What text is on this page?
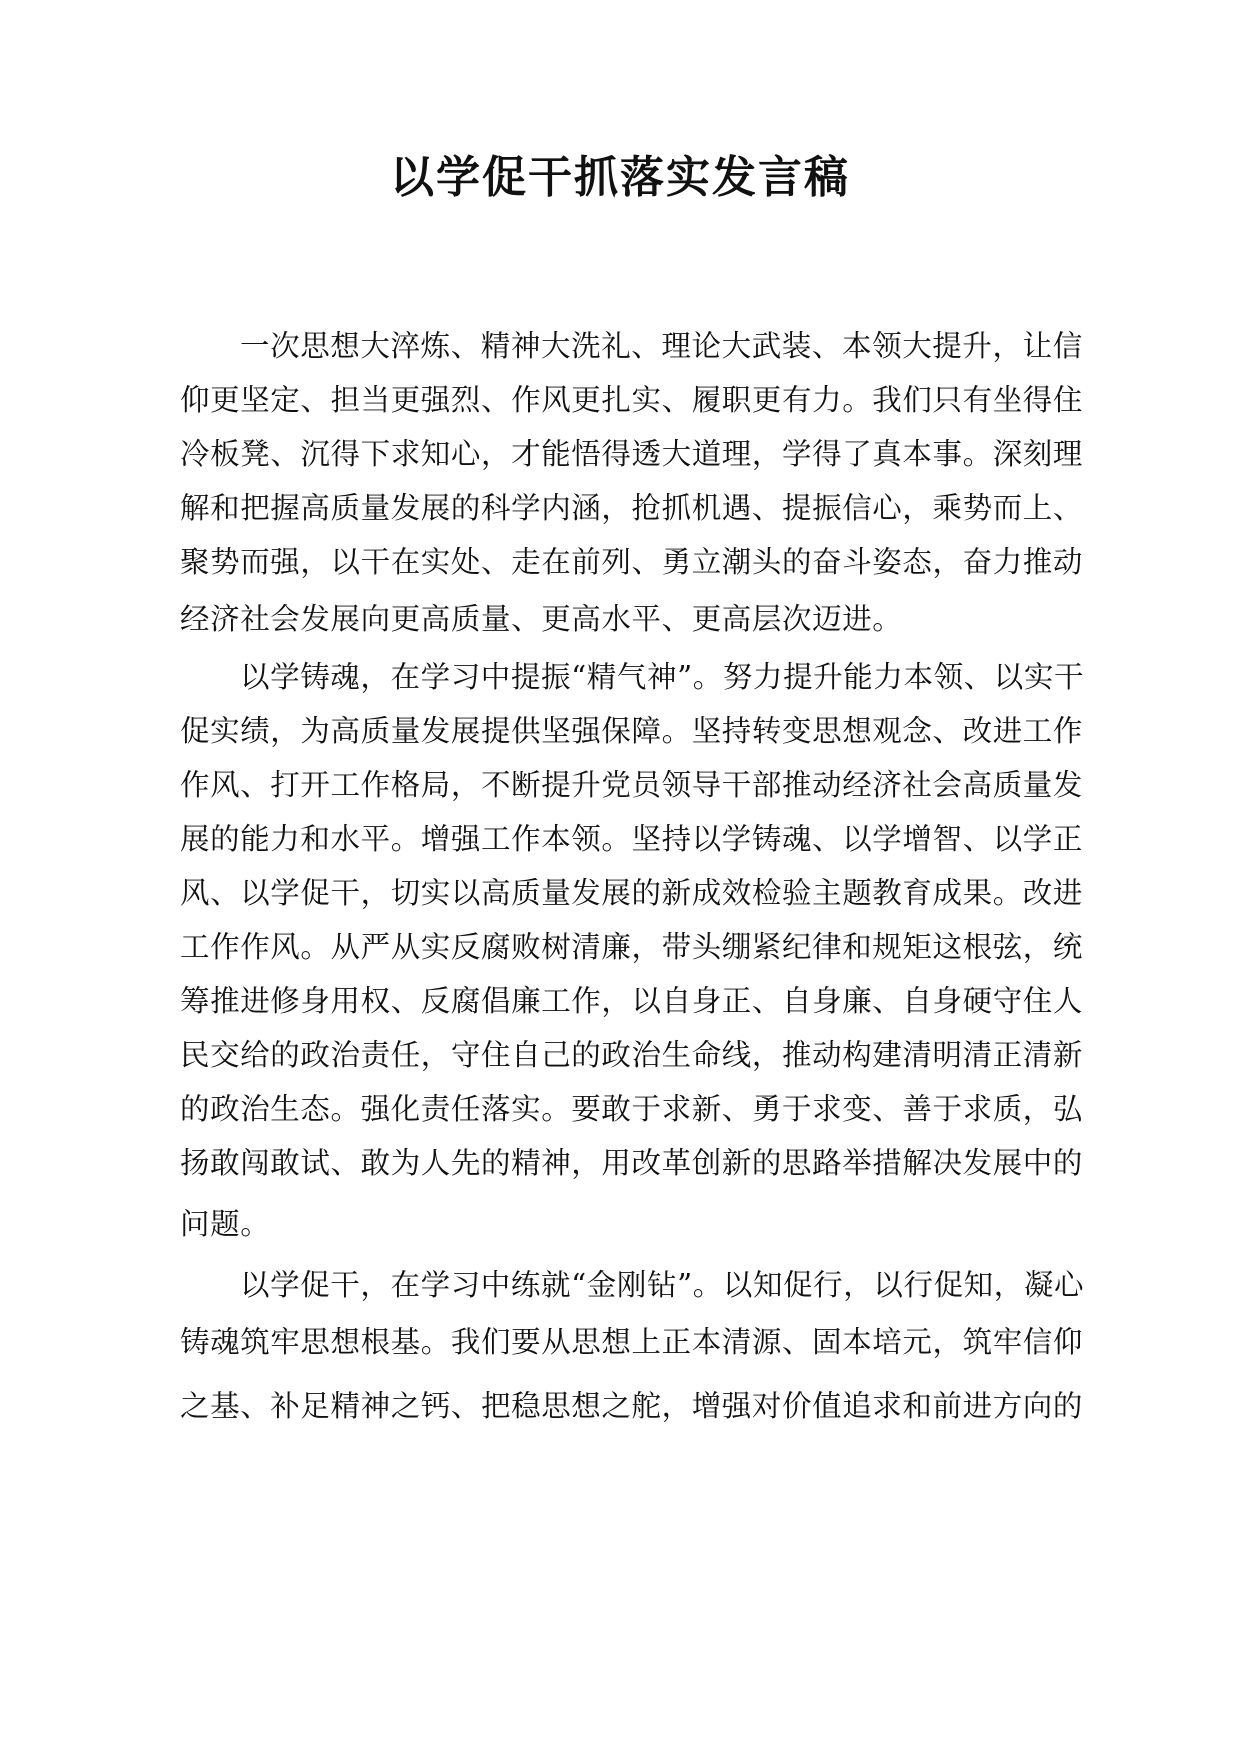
以学促干抓落实发言稿

一次思想大淬炼、精神大洗礼、理论大武装、本领大提升，让信

仰更坚定、担当更强烈、作风更扎实、履职更有力。我们只有坐得住

冷板凳、沉得下求知心，才能悟得透大道理，学得了真本事。深刻理

解和把握高质量发展的科学内涵，抢抓机遇、提振信心，乘势而上、

聚势而强，以干在实处、走在前列、勇立潮头的奋斗姿态，奋力推动

经济社会发展向更高质量、更高水平、更高层次迈进。

以学铸魂，在学习中提振“精气神”。努力提升能力本领、以实干

促实绩，为高质量发展提供坚强保障。坚持转变思想观念、改进工作

作风、打开工作格局，不断提升党员领导干部推动经济社会高质量发

展的能力和水平。增强工作本领。坚持以学铸魂、以学增智、以学正

风、以学促干，切实以高质量发展的新成效检验主题教育成果。改进

工作作风。从严从实反腐败树清廉，带头绷紧纪律和规矩这根弦，统

筹推进修身用权、反腐倡廉工作，以自身正、自身廉、自身硬守住人

民交给的政治责任，守住自己的政治生命线，推动构建清明清正清新

的政治生态。强化责任落实。要敢于求新、勇于求变、善于求质，弘

扬敢闯敢试、敢为人先的精神，用改革创新的思路举措解决发展中的

问题。

以学促干，在学习中练就“金刚钻”。以知促行，以行促知，凝心

铸魂筑牢思想根基。我们要从思想上正本清源、固本培元，筑牢信仰

之基、补足精神之钙、把稳思想之舵，增强对价值追求和前进方向的
